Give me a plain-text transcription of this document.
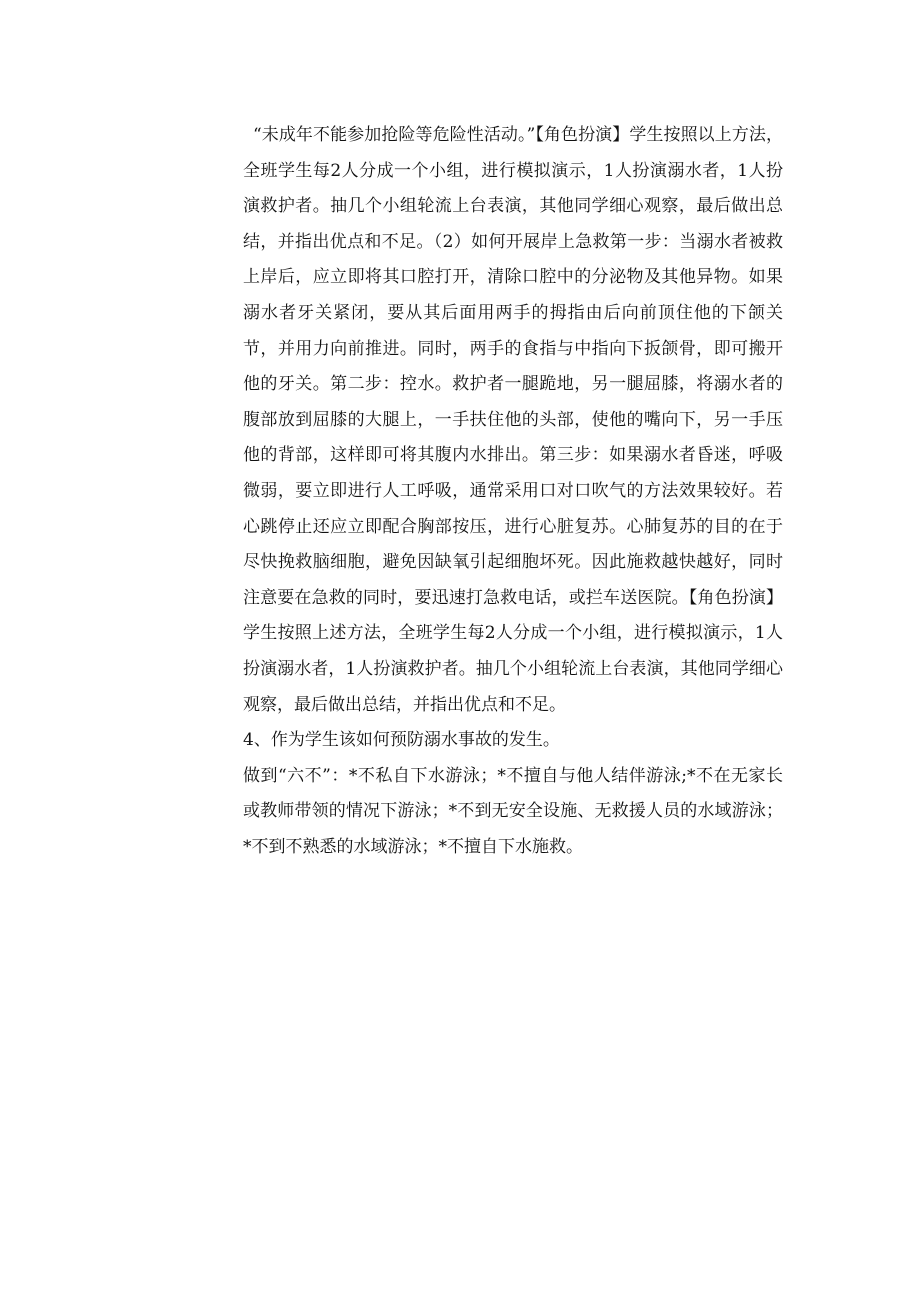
“未成年不能参加抢险等危险性活动。”【角色扮演】学生按照以上方法，全班学生每2人分成一个小组，进行模拟演示，1人扮演溺水者，1人扮演救护者。抽几个小组轮流上台表演，其他同学细心观察，最后做出总结，并指出优点和不足。（2）如何开展岸上急救第一步：当溺水者被救上岸后，应立即将其口腔打开，清除口腔中的分泌物及其他异物。如果溺水者牙关紧闭，要从其后面用两手的拇指由后向前顶住他的下颌关节，并用力向前推进。同时，两手的食指与中指向下扳颌骨，即可搬开他的牙关。第二步：控水。救护者一腿跪地，另一腿屈膝，将溺水者的腹部放到屈膝的大腿上，一手扶住他的头部，使他的嘴向下，另一手压他的背部，这样即可将其腹内水排出。第三步：如果溺水者昏迷，呼吸微弱，要立即进行人工呼吸，通常采用口对口吹气的方法效果较好。若心跳停止还应立即配合胸部按压，进行心脏复苏。心肺复苏的目的在于尽快挽救脑细胞，避免因缺氧引起细胞坏死。因此施救越快越好，同时注意要在急救的同时，要迅速打急救电话，或拦车送医院。【角色扮演】学生按照上述方法，全班学生每2人分成一个小组，进行模拟演示，1人扮演溺水者，1人扮演救护者。抽几个小组轮流上台表演，其他同学细心观察，最后做出总结，并指出优点和不足。

4、作为学生该如何预防溺水事故的发生。

做到“六不”：*不私自下水游泳；*不擅自与他人结伴游泳;*不在无家长或教师带领的情况下游泳；*不到无安全设施、无救援人员的水域游泳；*不到不熟悉的水域游泳；*不擅自下水施救。
